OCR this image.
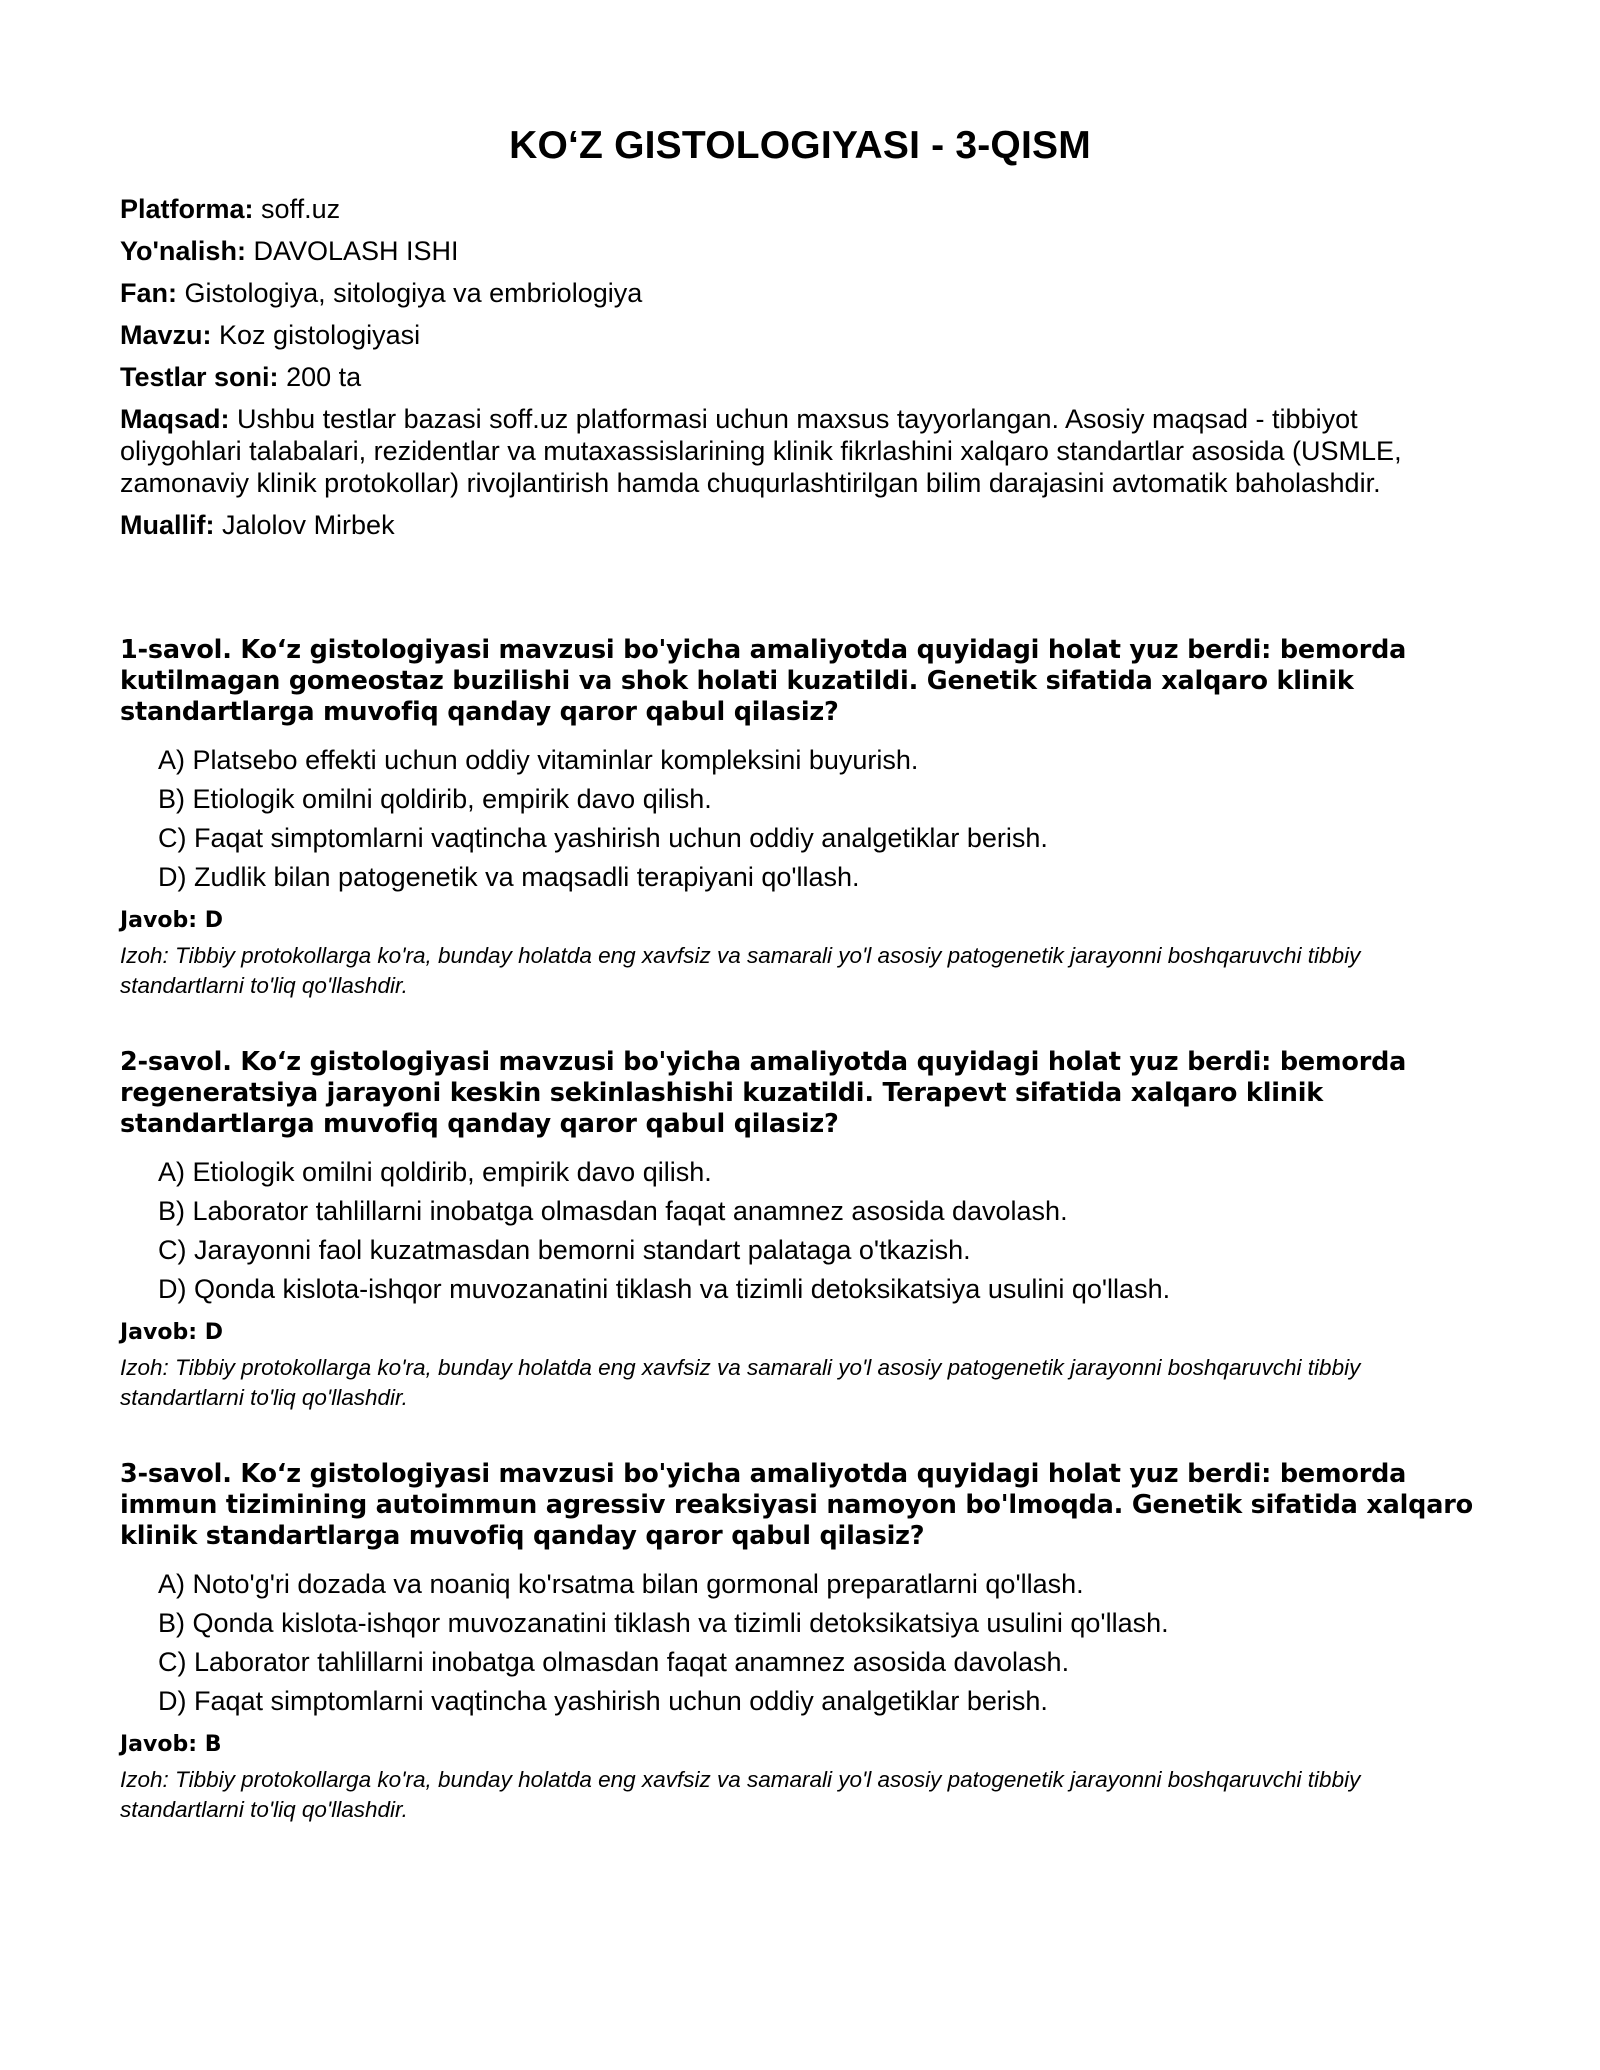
KO‘Z GISTOLOGIYASI - 3-QISM

Platforma: soff.uz

Yo'nalish: DAVOLASH ISHI

Fan: Gistologiya, sitologiya va embriologiya

Mavzu: Koz gistologiyasi

Testlar soni: 200 ta

Maqsad: Ushbu testlar bazasi soff.uz platformasi uchun maxsus tayyorlangan. Asosiy maqsad - tibbiyot oliygohlari talabalari, rezidentlar va mutaxassislarining klinik fikrlashini xalqaro standartlar asosida (USMLE, zamonaviy klinik protokollar) rivojlantirish hamda chuqurlashtirilgan bilim darajasini avtomatik baholashdir.

Muallif: Jalolov Mirbek

1-savol. Ko‘z gistologiyasi mavzusi bo'yicha amaliyotda quyidagi holat yuz berdi: bemorda kutilmagan gomeostaz buzilishi va shok holati kuzatildi. Genetik sifatida xalqaro klinik standartlarga muvofiq qanday qaror qabul qilasiz?

A) Platsebo effekti uchun oddiy vitaminlar kompleksini buyurish.
B) Etiologik omilni qoldirib, empirik davo qilish.
C) Faqat simptomlarni vaqtincha yashirish uchun oddiy analgetiklar berish.
D) Zudlik bilan patogenetik va maqsadli terapiyani qo'llash.

Javob: D

Izoh: Tibbiy protokollarga ko'ra, bunday holatda eng xavfsiz va samarali yo'l asosiy patogenetik jarayonni boshqaruvchi tibbiy standartlarni to'liq qo'llashdir.

2-savol. Ko‘z gistologiyasi mavzusi bo'yicha amaliyotda quyidagi holat yuz berdi: bemorda regeneratsiya jarayoni keskin sekinlashishi kuzatildi. Terapevt sifatida xalqaro klinik standartlarga muvofiq qanday qaror qabul qilasiz?

A) Etiologik omilni qoldirib, empirik davo qilish.
B) Laborator tahlillarni inobatga olmasdan faqat anamnez asosida davolash.
C) Jarayonni faol kuzatmasdan bemorni standart palataga o'tkazish.
D) Qonda kislota-ishqor muvozanatini tiklash va tizimli detoksikatsiya usulini qo'llash.

Javob: D

Izoh: Tibbiy protokollarga ko'ra, bunday holatda eng xavfsiz va samarali yo'l asosiy patogenetik jarayonni boshqaruvchi tibbiy standartlarni to'liq qo'llashdir.

3-savol. Ko‘z gistologiyasi mavzusi bo'yicha amaliyotda quyidagi holat yuz berdi: bemorda immun tizimining autoimmun agressiv reaksiyasi namoyon bo'lmoqda. Genetik sifatida xalqaro klinik standartlarga muvofiq qanday qaror qabul qilasiz?

A) Noto'g'ri dozada va noaniq ko'rsatma bilan gormonal preparatlarni qo'llash.
B) Qonda kislota-ishqor muvozanatini tiklash va tizimli detoksikatsiya usulini qo'llash.
C) Laborator tahlillarni inobatga olmasdan faqat anamnez asosida davolash.
D) Faqat simptomlarni vaqtincha yashirish uchun oddiy analgetiklar berish.

Javob: B

Izoh: Tibbiy protokollarga ko'ra, bunday holatda eng xavfsiz va samarali yo'l asosiy patogenetik jarayonni boshqaruvchi tibbiy standartlarni to'liq qo'llashdir.
